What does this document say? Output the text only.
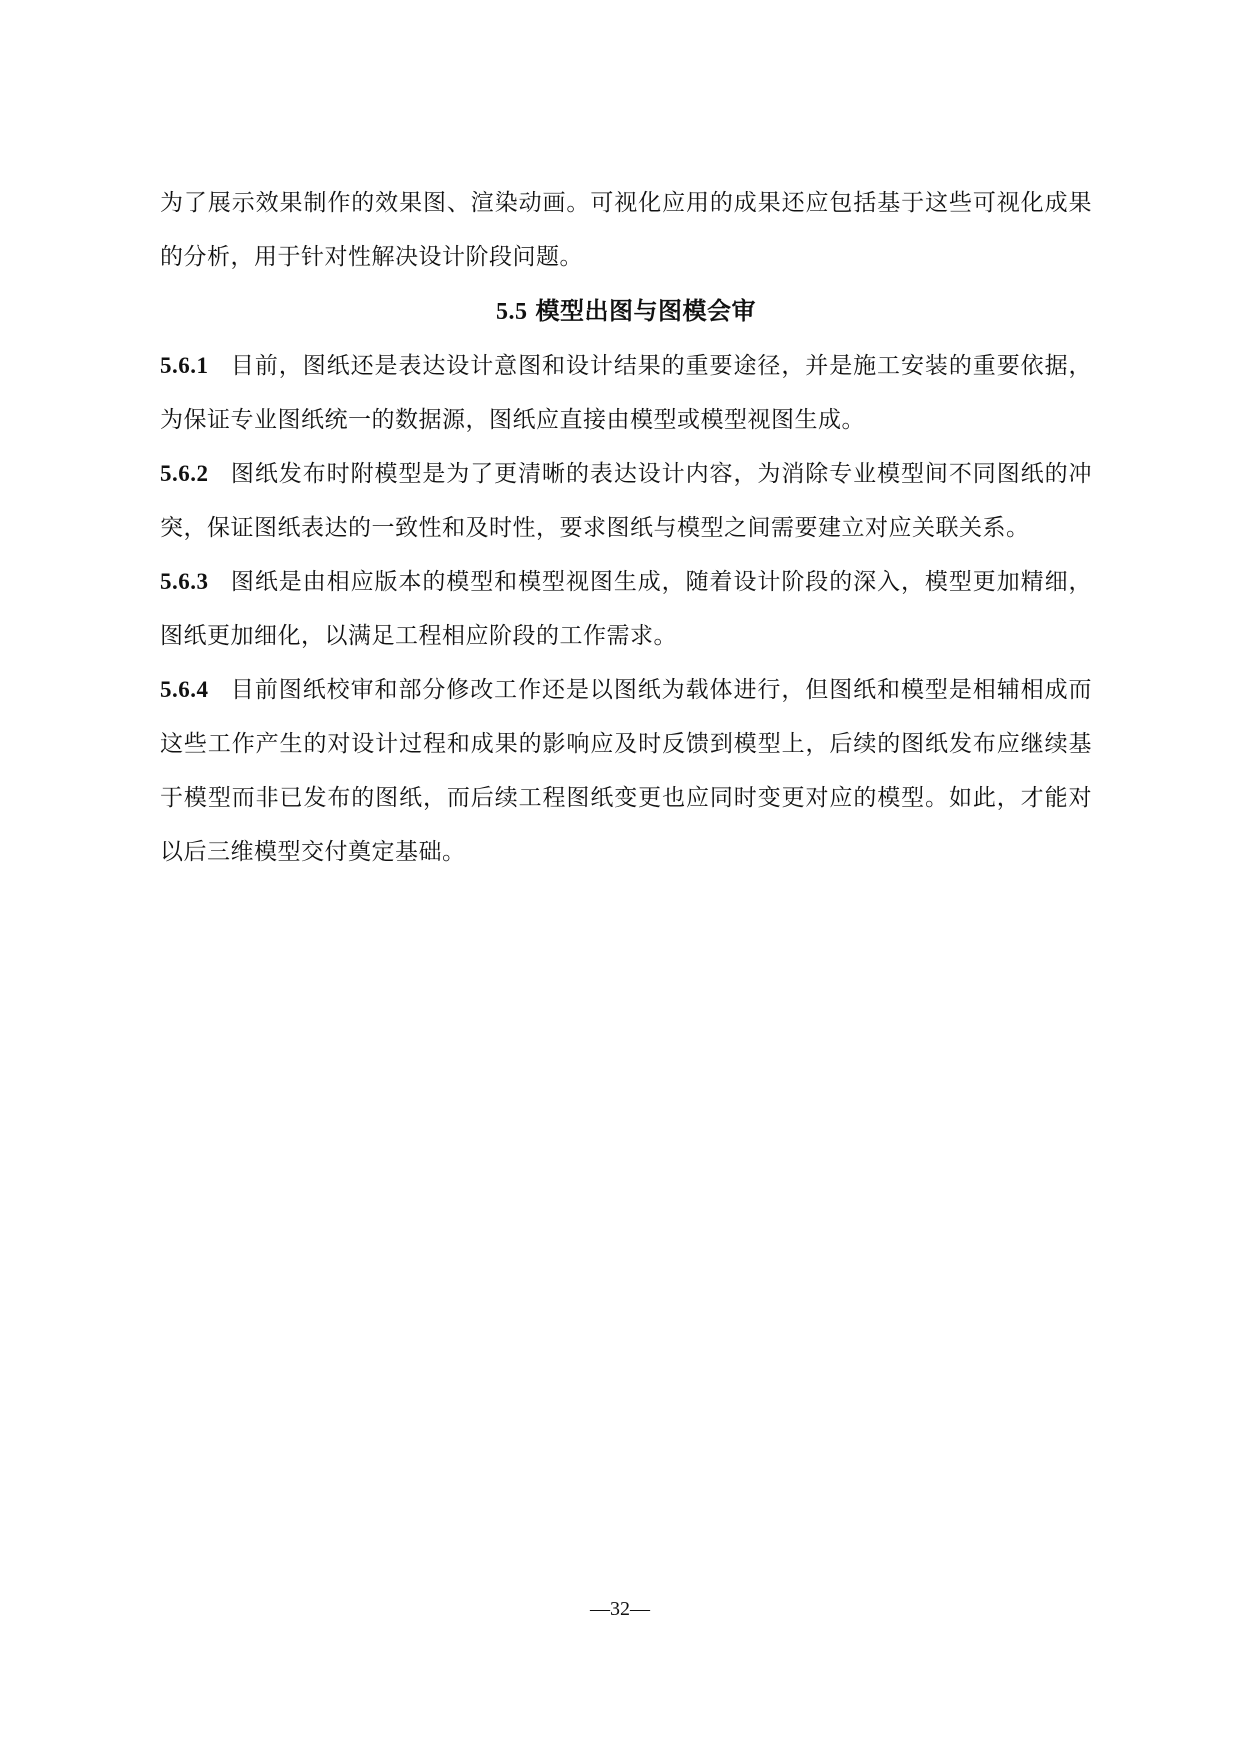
为了展示效果制作的效果图、渲染动画。可视化应用的成果还应包括基于这些可视化成果的分析，用于针对性解决设计阶段问题。

5.5 模型出图与图模会审

5.6.1 目前，图纸还是表达设计意图和设计结果的重要途径，并是施工安装的重要依据，为保证专业图纸统一的数据源，图纸应直接由模型或模型视图生成。

5.6.2 图纸发布时附模型是为了更清晰的表达设计内容，为消除专业模型间不同图纸的冲突，保证图纸表达的一致性和及时性，要求图纸与模型之间需要建立对应关联关系。

5.6.3 图纸是由相应版本的模型和模型视图生成，随着设计阶段的深入，模型更加精细，图纸更加细化，以满足工程相应阶段的工作需求。

5.6.4 目前图纸校审和部分修改工作还是以图纸为载体进行，但图纸和模型是相辅相成而这些工作产生的对设计过程和成果的影响应及时反馈到模型上，后续的图纸发布应继续基于模型而非已发布的图纸，而后续工程图纸变更也应同时变更对应的模型。如此，才能对以后三维模型交付奠定基础。

—32—
